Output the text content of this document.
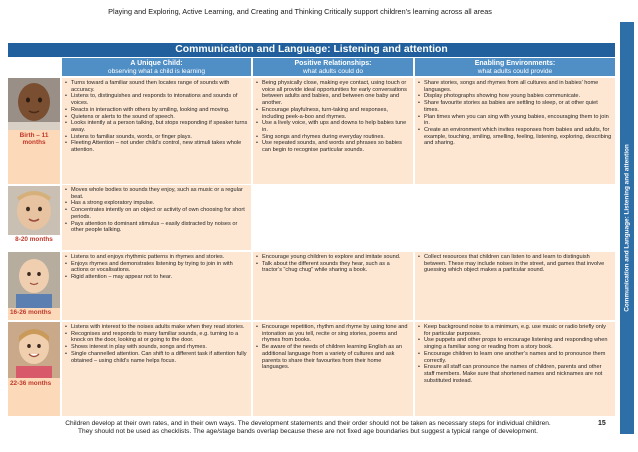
Playing and Exploring, Active Learning, and Creating and Thinking Critically support children’s learning across all areas
Communication and Language: Listening and attention
Communication and Language: Listening and attention
A Unique Child:
observing what a child is learning
Positive Relationships:
what adults could do
Enabling Environments:
what adults could provide
Birth – 11 months
• Turns toward a familiar sound then locates range of sounds with accuracy.
• Listens to, distinguishes and responds to intonations and sounds of voices.
• Reacts in interaction with others by smiling, looking and moving.
• Quietens or alerts to the sound of speech.
• Looks intently at a person talking, but stops responding if speaker turns away.
• Listens to familiar sounds, words, or finger plays.
• Fleeting Attention – not under child’s control, new stimuli takes whole attention.
• Being physically close, making eye contact, using touch or voice all provide ideal opportunities for early conversations between adults and babies, and between one baby and another.
• Encourage playfulness, turn-taking and responses, including peek-a-boo and rhymes.
• Use a lively voice, with ups and downs to help babies tune in.
• Sing songs and rhymes during everyday routines.
• Use repeated sounds, and words and phrases so babies can begin to recognise particular sounds.
• Share stories, songs and rhymes from all cultures and in babies’ home languages.
• Display photographs showing how young babies communicate.
• Share favourite stories as babies are settling to sleep, or at other quiet times.
• Plan times when you can sing with young babies, encouraging them to join in.
• Create an environment which invites responses from babies and adults, for example, touching, smiling, smelling, feeling, listening, exploring, describing and sharing.
8-20 months
• Moves whole bodies to sounds they enjoy, such as music or a regular beat.
• Has a strong exploratory impulse.
• Concentrates intently on an object or activity of own choosing for short periods.
• Pays attention to dominant stimulus – easily distracted by noises or other people talking.
16-26 months
• Listens to and enjoys rhythmic patterns in rhymes and stories.
• Enjoys rhymes and demonstrates listening by trying to join in with actions or vocalisations.
• Rigid attention – may appear not to hear.
• Encourage young children to explore and imitate sound.
• Talk about the different sounds they hear, such as a tractor’s “chug chug” while sharing a book.
• Collect resources that children can listen to and learn to distinguish between. These may include noises in the street, and games that involve guessing which object makes a particular sound.
22-36 months
• Listens with interest to the noises adults make when they read stories.
• Recognises and responds to many familiar sounds, e.g. turning to a knock on the door, looking at or going to the door.
• Shows interest in play with sounds, songs and rhymes.
• Single channelled attention. Can shift to a different task if attention fully obtained – using child’s name helps focus.
• Encourage repetition, rhythm and rhyme by using tone and intonation as you tell, recite or sing stories, poems and rhymes from books.
• Be aware of the needs of children learning English as an additional language from a variety of cultures and ask parents to share their favourites from their home languages.
• Keep background noise to a minimum, e.g. use music or radio briefly only for particular purposes.
• Use puppets and other props to encourage listening and responding when singing a familiar song or reading from a story book.
• Encourage children to learn one another’s names and to pronounce them correctly.
• Ensure all staff can pronounce the names of children, parents and other staff members. Make sure that shortened names and nicknames are not substituted instead.
Children develop at their own rates, and in their own ways. The development statements and their order should not be taken as necessary steps for individual children.
They should not be used as checklists. The age/stage bands overlap because these are not fixed age boundaries but suggest a typical range of development.
15
